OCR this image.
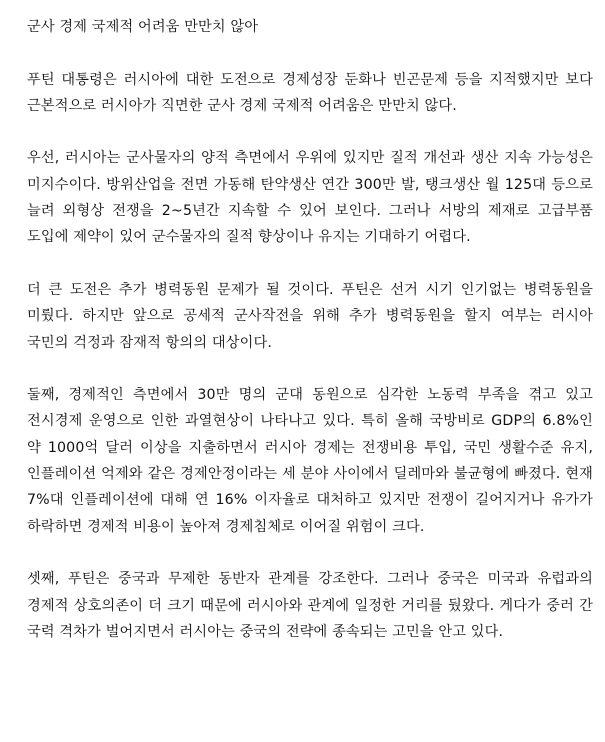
군사 경제 국제적 어려움 만만치 않아

푸틴 대통령은 러시아에 대한 도전으로 경제성장 둔화나 빈곤문제 등을 지적했지만 보다 근본적으로 러시아가 직면한 군사 경제 국제적 어려움은 만만치 않다.

우선, 러시아는 군사물자의 양적 측면에서 우위에 있지만 질적 개선과 생산 지속 가능성은 미지수이다. 방위산업을 전면 가동해 탄약생산 연간 300만 발, 탱크생산 월 125대 등으로 늘려 외형상 전쟁을 2~5년간 지속할 수 있어 보인다. 그러나 서방의 제재로 고급부품 도입에 제약이 있어 군수물자의 질적 향상이나 유지는 기대하기 어렵다.

더 큰 도전은 추가 병력동원 문제가 될 것이다. 푸틴은 선거 시기 인기없는 병력동원을 미뤘다. 하지만 앞으로 공세적 군사작전을 위해 추가 병력동원을 할지 여부는 러시아 국민의 걱정과 잠재적 항의의 대상이다.

둘째, 경제적인 측면에서 30만 명의 군대 동원으로 심각한 노동력 부족을 겪고 있고 전시경제 운영으로 인한 과열현상이 나타나고 있다. 특히 올해 국방비로 GDP의 6.8%인 약 1000억 달러 이상을 지출하면서 러시아 경제는 전쟁비용 투입, 국민 생활수준 유지, 인플레이션 억제와 같은 경제안정이라는 세 분야 사이에서 딜레마와 불균형에 빠졌다. 현재 7%대 인플레이션에 대해 연 16% 이자율로 대처하고 있지만 전쟁이 길어지거나 유가가 하락하면 경제적 비용이 높아져 경제침체로 이어질 위험이 크다.

셋째, 푸틴은 중국과 무제한 동반자 관계를 강조한다. 그러나 중국은 미국과 유럽과의 경제적 상호의존이 더 크기 때문에 러시아와 관계에 일정한 거리를 뒀왔다. 게다가 중러 간 국력 격차가 벌어지면서 러시아는 중국의 전략에 종속되는 고민을 안고 있다.
